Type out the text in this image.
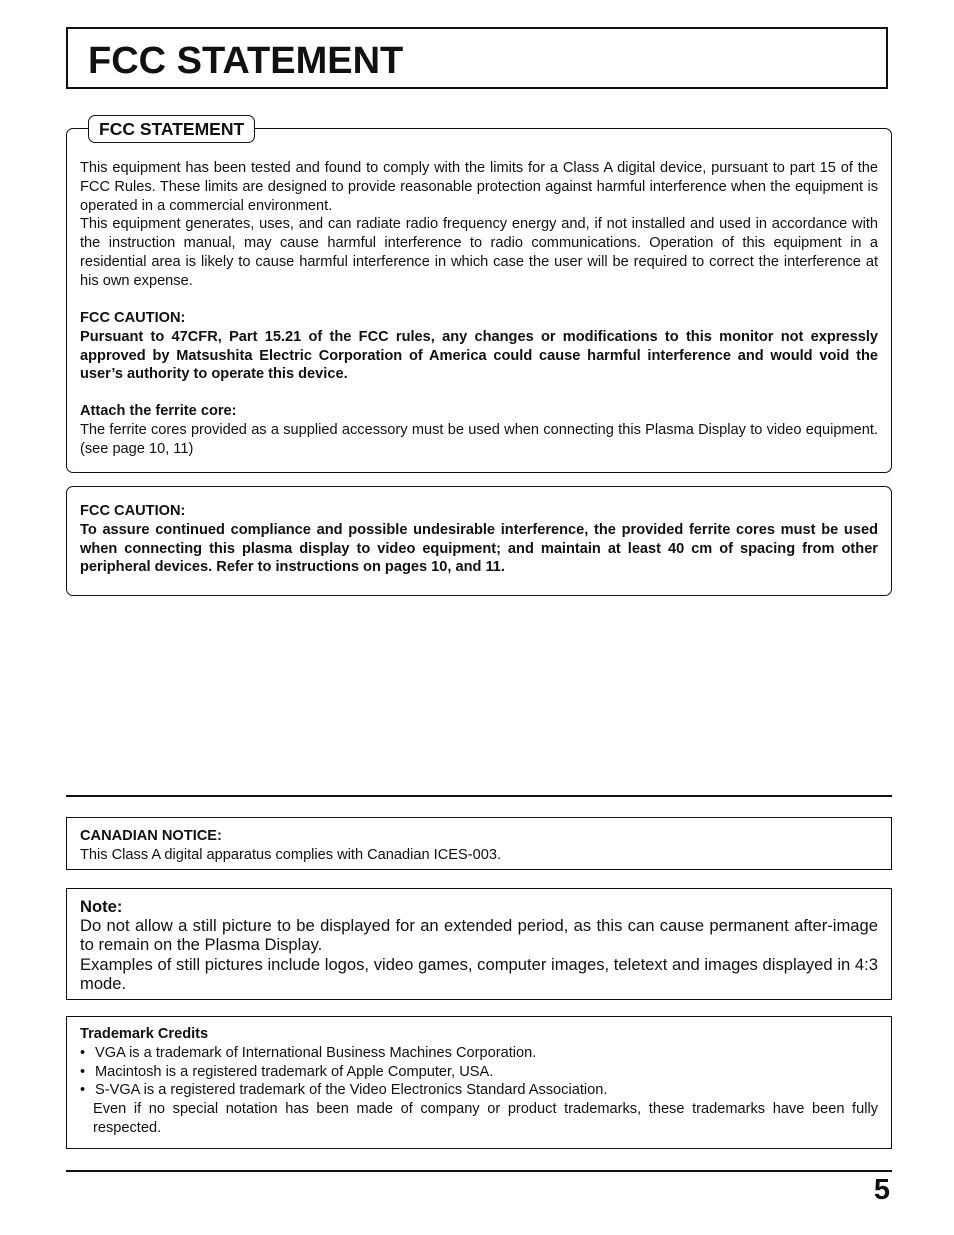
FCC STATEMENT
FCC STATEMENT

This equipment has been tested and found to comply with the limits for a Class A digital device, pursuant to part 15 of the FCC Rules. These limits are designed to provide reasonable protection against harmful interference when the equipment is operated in a commercial environment.

This equipment generates, uses, and can radiate radio frequency energy and, if not installed and used in accordance with the instruction manual, may cause harmful interference to radio communications. Operation of this equipment in a residential area is likely to cause harmful interference in which case the user will be required to correct the interference at his own expense.

FCC CAUTION:

Pursuant to 47CFR, Part 15.21 of the FCC rules, any changes or modifications to this monitor not expressly approved by Matsushita Electric Corporation of America could cause harmful interference and would void the user’s authority to operate this device.

Attach the ferrite core:

The ferrite cores provided as a supplied accessory must be used when connecting this Plasma Display to video equipment. (see page 10, 11)

FCC CAUTION:

To assure continued compliance and possible undesirable interference, the provided ferrite cores must be used when connecting this plasma display to video equipment; and maintain at least 40 cm of spacing from other peripheral devices. Refer to instructions on pages 10, and 11.

CANADIAN NOTICE:

This Class A digital apparatus complies with Canadian ICES-003.

Note:

Do not allow a still picture to be displayed for an extended period, as this can cause permanent after-image to remain on the Plasma Display.

Examples of still pictures include logos, video games, computer images, teletext and images displayed in 4:3 mode.

Trademark Credits

• VGA is a trademark of International Business Machines Corporation.
• Macintosh is a registered trademark of Apple Computer, USA.
• S-VGA is a registered trademark of the Video Electronics Standard Association.

Even if no special notation has been made of company or product trademarks, these trademarks have been fully respected.

5
